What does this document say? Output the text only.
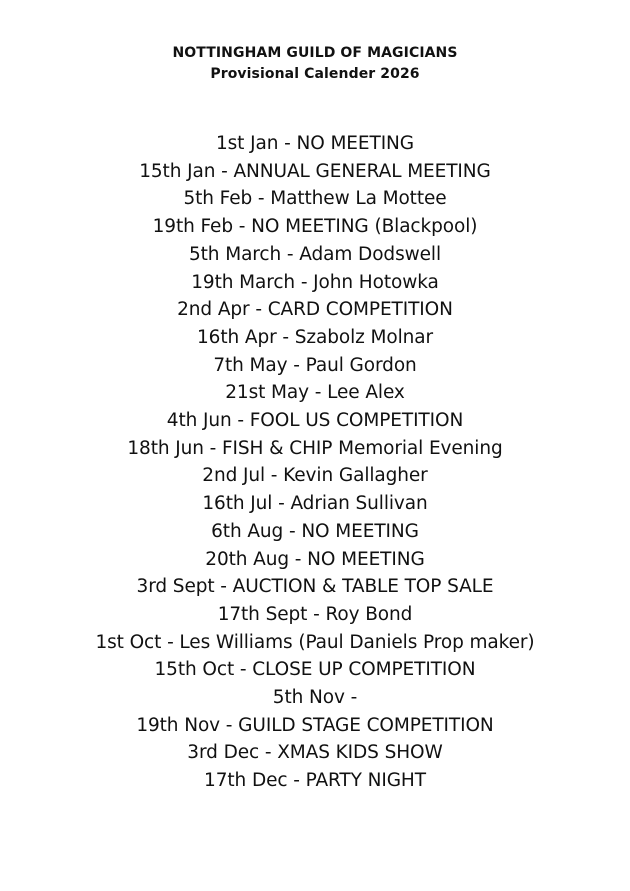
NOTTINGHAM GUILD OF MAGICIANS
Provisional Calender 2026
1st Jan - NO MEETING
15th Jan - ANNUAL GENERAL MEETING
5th Feb - Matthew La Mottee
19th Feb - NO MEETING (Blackpool)
5th March - Adam Dodswell
19th March - John Hotowka
2nd Apr - CARD COMPETITION
16th Apr - Szabolz Molnar
7th May - Paul Gordon
21st May - Lee Alex
4th Jun - FOOL US COMPETITION
18th Jun - FISH & CHIP Memorial Evening
2nd Jul - Kevin Gallagher
16th Jul - Adrian Sullivan
6th Aug - NO MEETING
20th Aug - NO MEETING
3rd Sept - AUCTION & TABLE TOP SALE
17th Sept - Roy Bond
1st Oct - Les Williams (Paul Daniels Prop maker)
15th Oct - CLOSE UP COMPETITION
5th Nov -
19th Nov - GUILD STAGE COMPETITION
3rd Dec - XMAS KIDS SHOW
17th Dec - PARTY NIGHT
